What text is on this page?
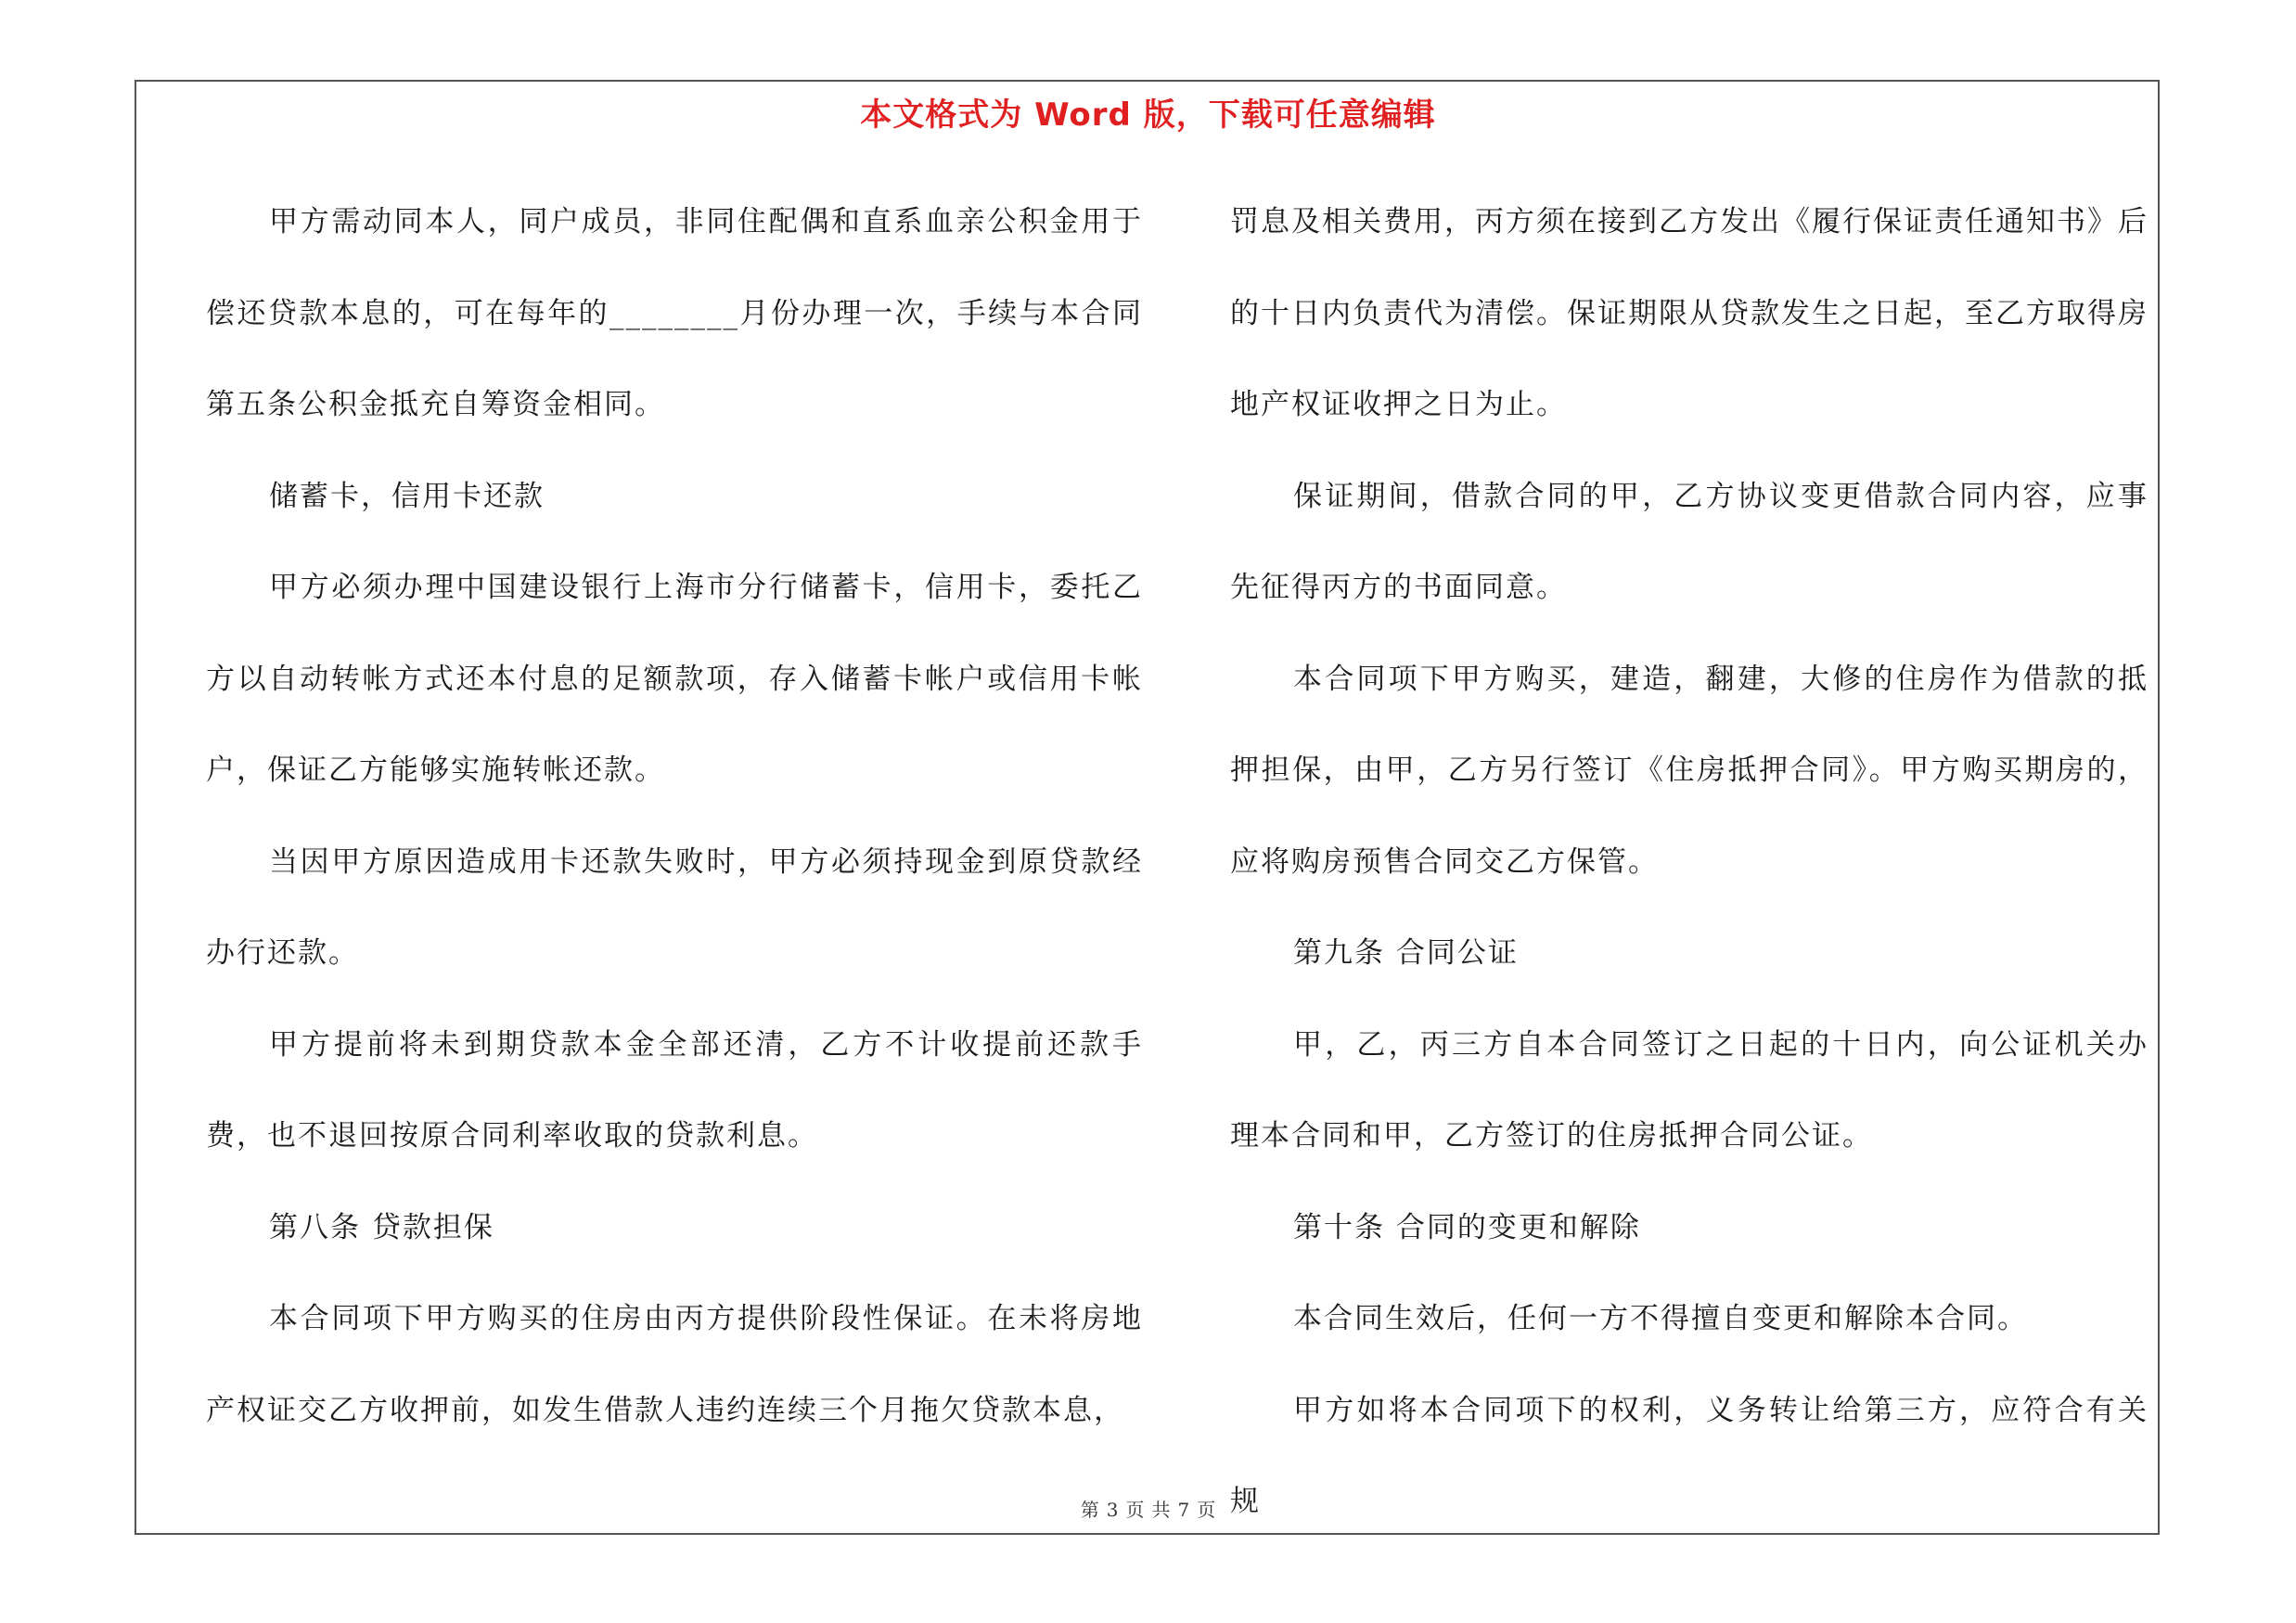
本文格式为 Word 版，下载可任意编辑

甲方需动同本人，同户成员，非同住配偶和直系血亲公积金用于偿还贷款本息的，可在每年的________月份办理一次，手续与本合同第五条公积金抵充自筹资金相同。

储蓄卡，信用卡还款

甲方必须办理中国建设银行上海市分行储蓄卡，信用卡，委托乙方以自动转帐方式还本付息的足额款项，存入储蓄卡帐户或信用卡帐户，保证乙方能够实施转帐还款。

当因甲方原因造成用卡还款失败时，甲方必须持现金到原贷款经办行还款。

甲方提前将未到期贷款本金全部还清，乙方不计收提前还款手费，也不退回按原合同利率收取的贷款利息。

第八条 贷款担保

本合同项下甲方购买的住房由丙方提供阶段性保证。在未将房地产权证交乙方收押前，如发生借款人违约连续三个月拖欠贷款本息，

罚息及相关费用，丙方须在接到乙方发出《履行保证责任通知书》后的十日内负责代为清偿。保证期限从贷款发生之日起，至乙方取得房地产权证收押之日为止。

保证期间，借款合同的甲，乙方协议变更借款合同内容，应事先征得丙方的书面同意。

本合同项下甲方购买，建造，翻建，大修的住房作为借款的抵押担保，由甲，乙方另行签订《住房抵押合同》。甲方购买期房的，应将购房预售合同交乙方保管。

第九条 合同公证

甲，乙，丙三方自本合同签订之日起的十日内，向公证机关办理本合同和甲，乙方签订的住房抵押合同公证。

第十条 合同的变更和解除

本合同生效后，任何一方不得擅自变更和解除本合同。

甲方如将本合同项下的权利，义务转让给第三方，应符合有关规

第 3 页 共 7 页
